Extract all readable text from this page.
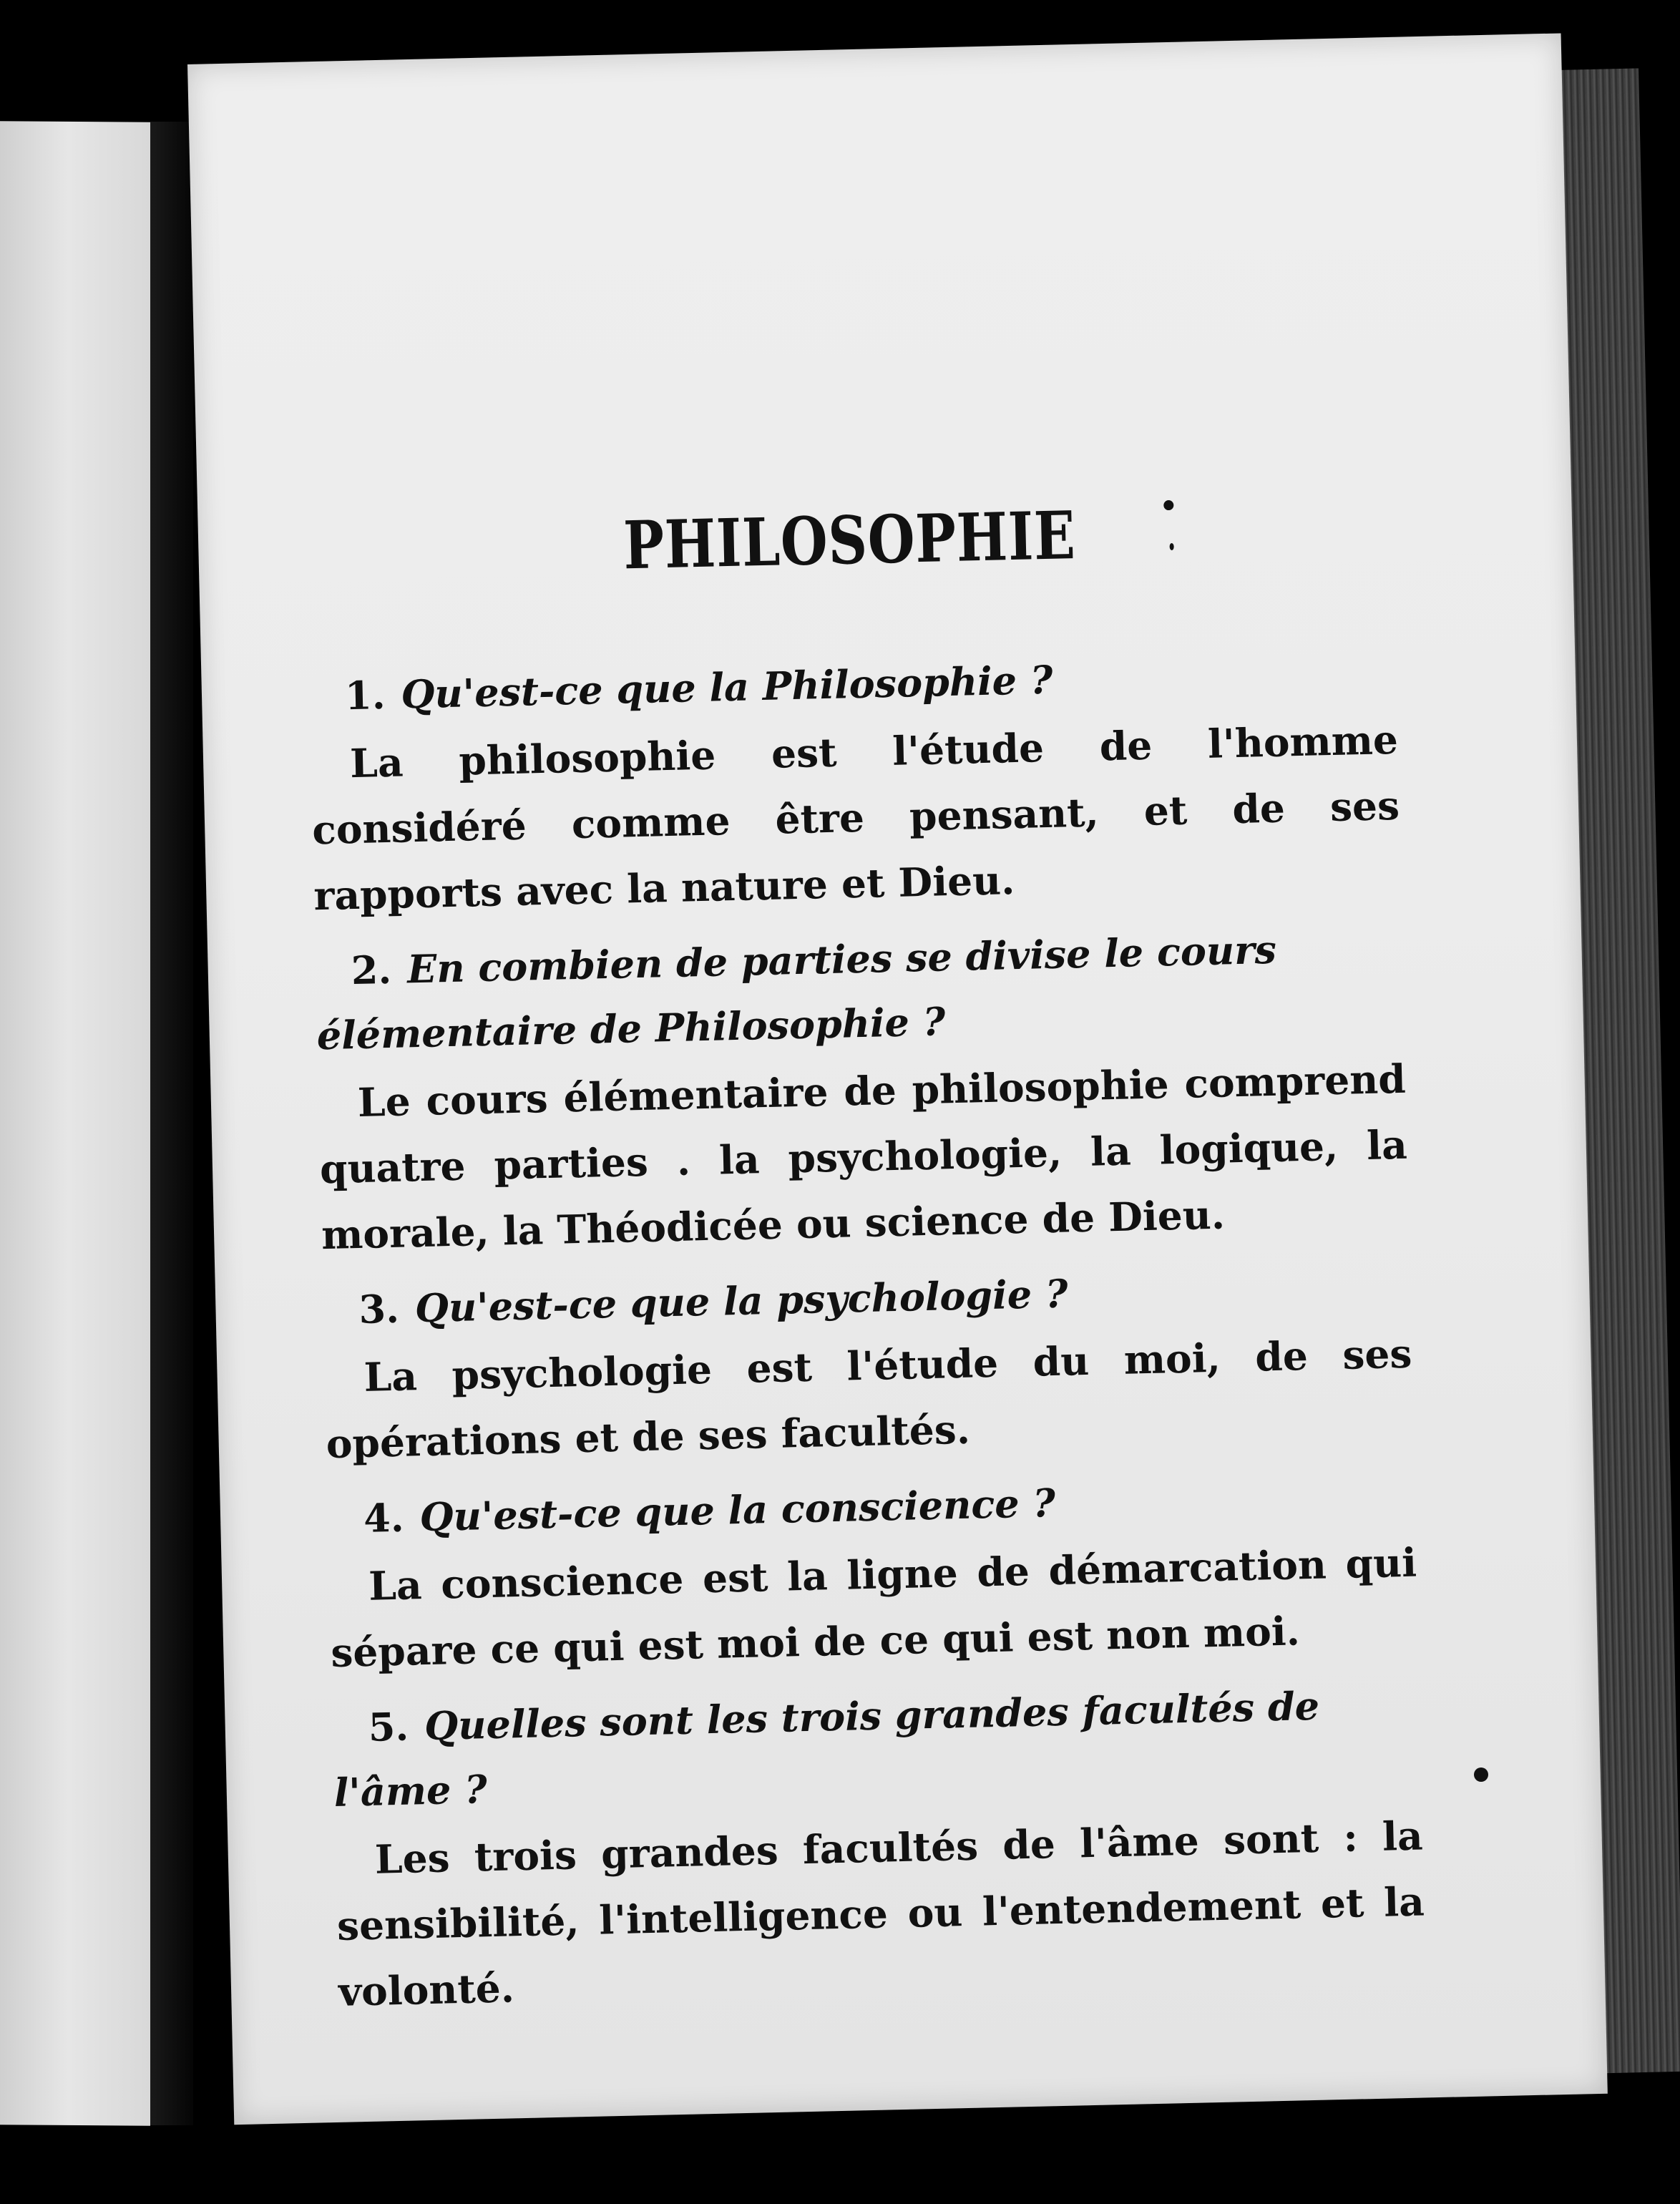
PHILOSOPHIE

1. Qu'est-ce que la Philosophie ?

La philosophie est l'étude de l'homme considéré comme être pensant, et de ses rapports avec la nature et Dieu.

2. En combien de parties se divise le cours élémentaire de Philosophie ?

Le cours élémentaire de philosophie comprend quatre parties . la psychologie, la logique, la morale, la Théodicée ou science de Dieu.

3. Qu'est-ce que la psychologie ?

La psychologie est l'étude du moi, de ses opérations et de ses facultés.

4. Qu'est-ce que la conscience ?

La conscience est la ligne de démarcation qui sépare ce qui est moi de ce qui est non moi.

5. Quelles sont les trois grandes facultés de l'âme ?

Les trois grandes facultés de l'âme sont : la sensibilité, l'intelligence ou l'entendement et la volonté.
